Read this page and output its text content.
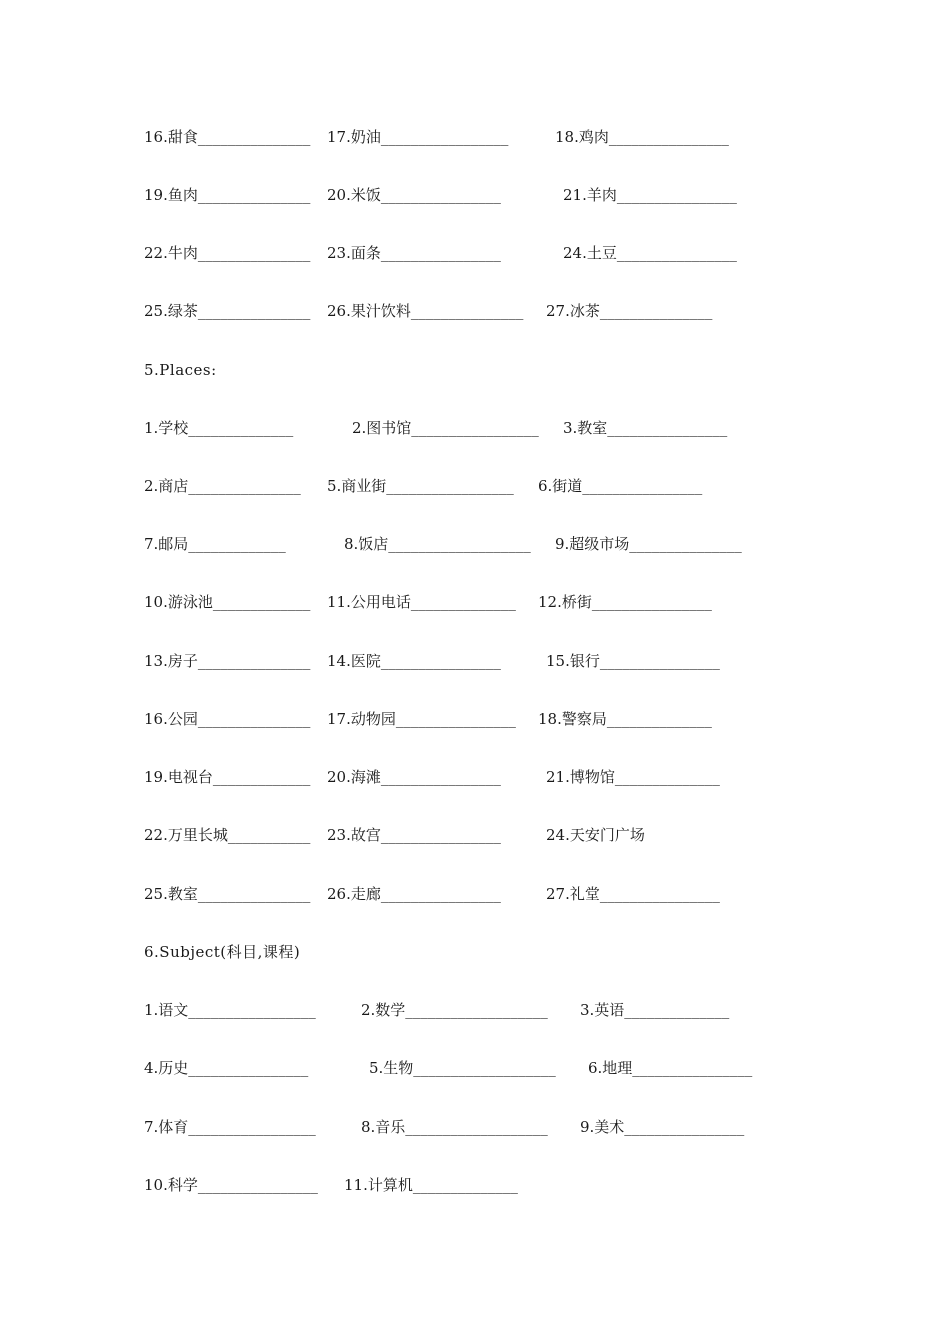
16.甜食_______________ 17.奶油_________________	18.鸡肉________________
19.鱼肉_______________ 20.米饭________________	21.羊肉________________
22.牛肉_______________ 23.面条________________	24.土豆________________
25.绿茶_______________ 26.果汁饮料_______________ 27.冰茶_______________
5.Places:
1.学校______________	2.图书馆_________________ 3.教室________________
2.商店_______________ 5.商业街_________________ 6.街道________________
7.邮局_____________	8.饭店___________________ 9.超级市场_______________
10.游泳池_____________ 11.公用电话______________ 12.桥街________________
13.房子_______________ 14.医院________________	15.银行________________
16.公园_______________ 17.动物园________________ 18.警察局______________
19.电视台_____________ 20.海滩________________	21.博物馆______________
22.万里长城___________ 23.故宫________________	24.天安门广场
25.教室_______________ 26.走廊________________	27.礼堂________________
6.Subject(科目,课程)
1.语文_________________	2.数学___________________ 3.英语______________
4.历史________________	5.生物___________________ 6.地理________________
7.体育_________________	8.音乐___________________ 9.美术________________
10.科学________________ 11.计算机______________
